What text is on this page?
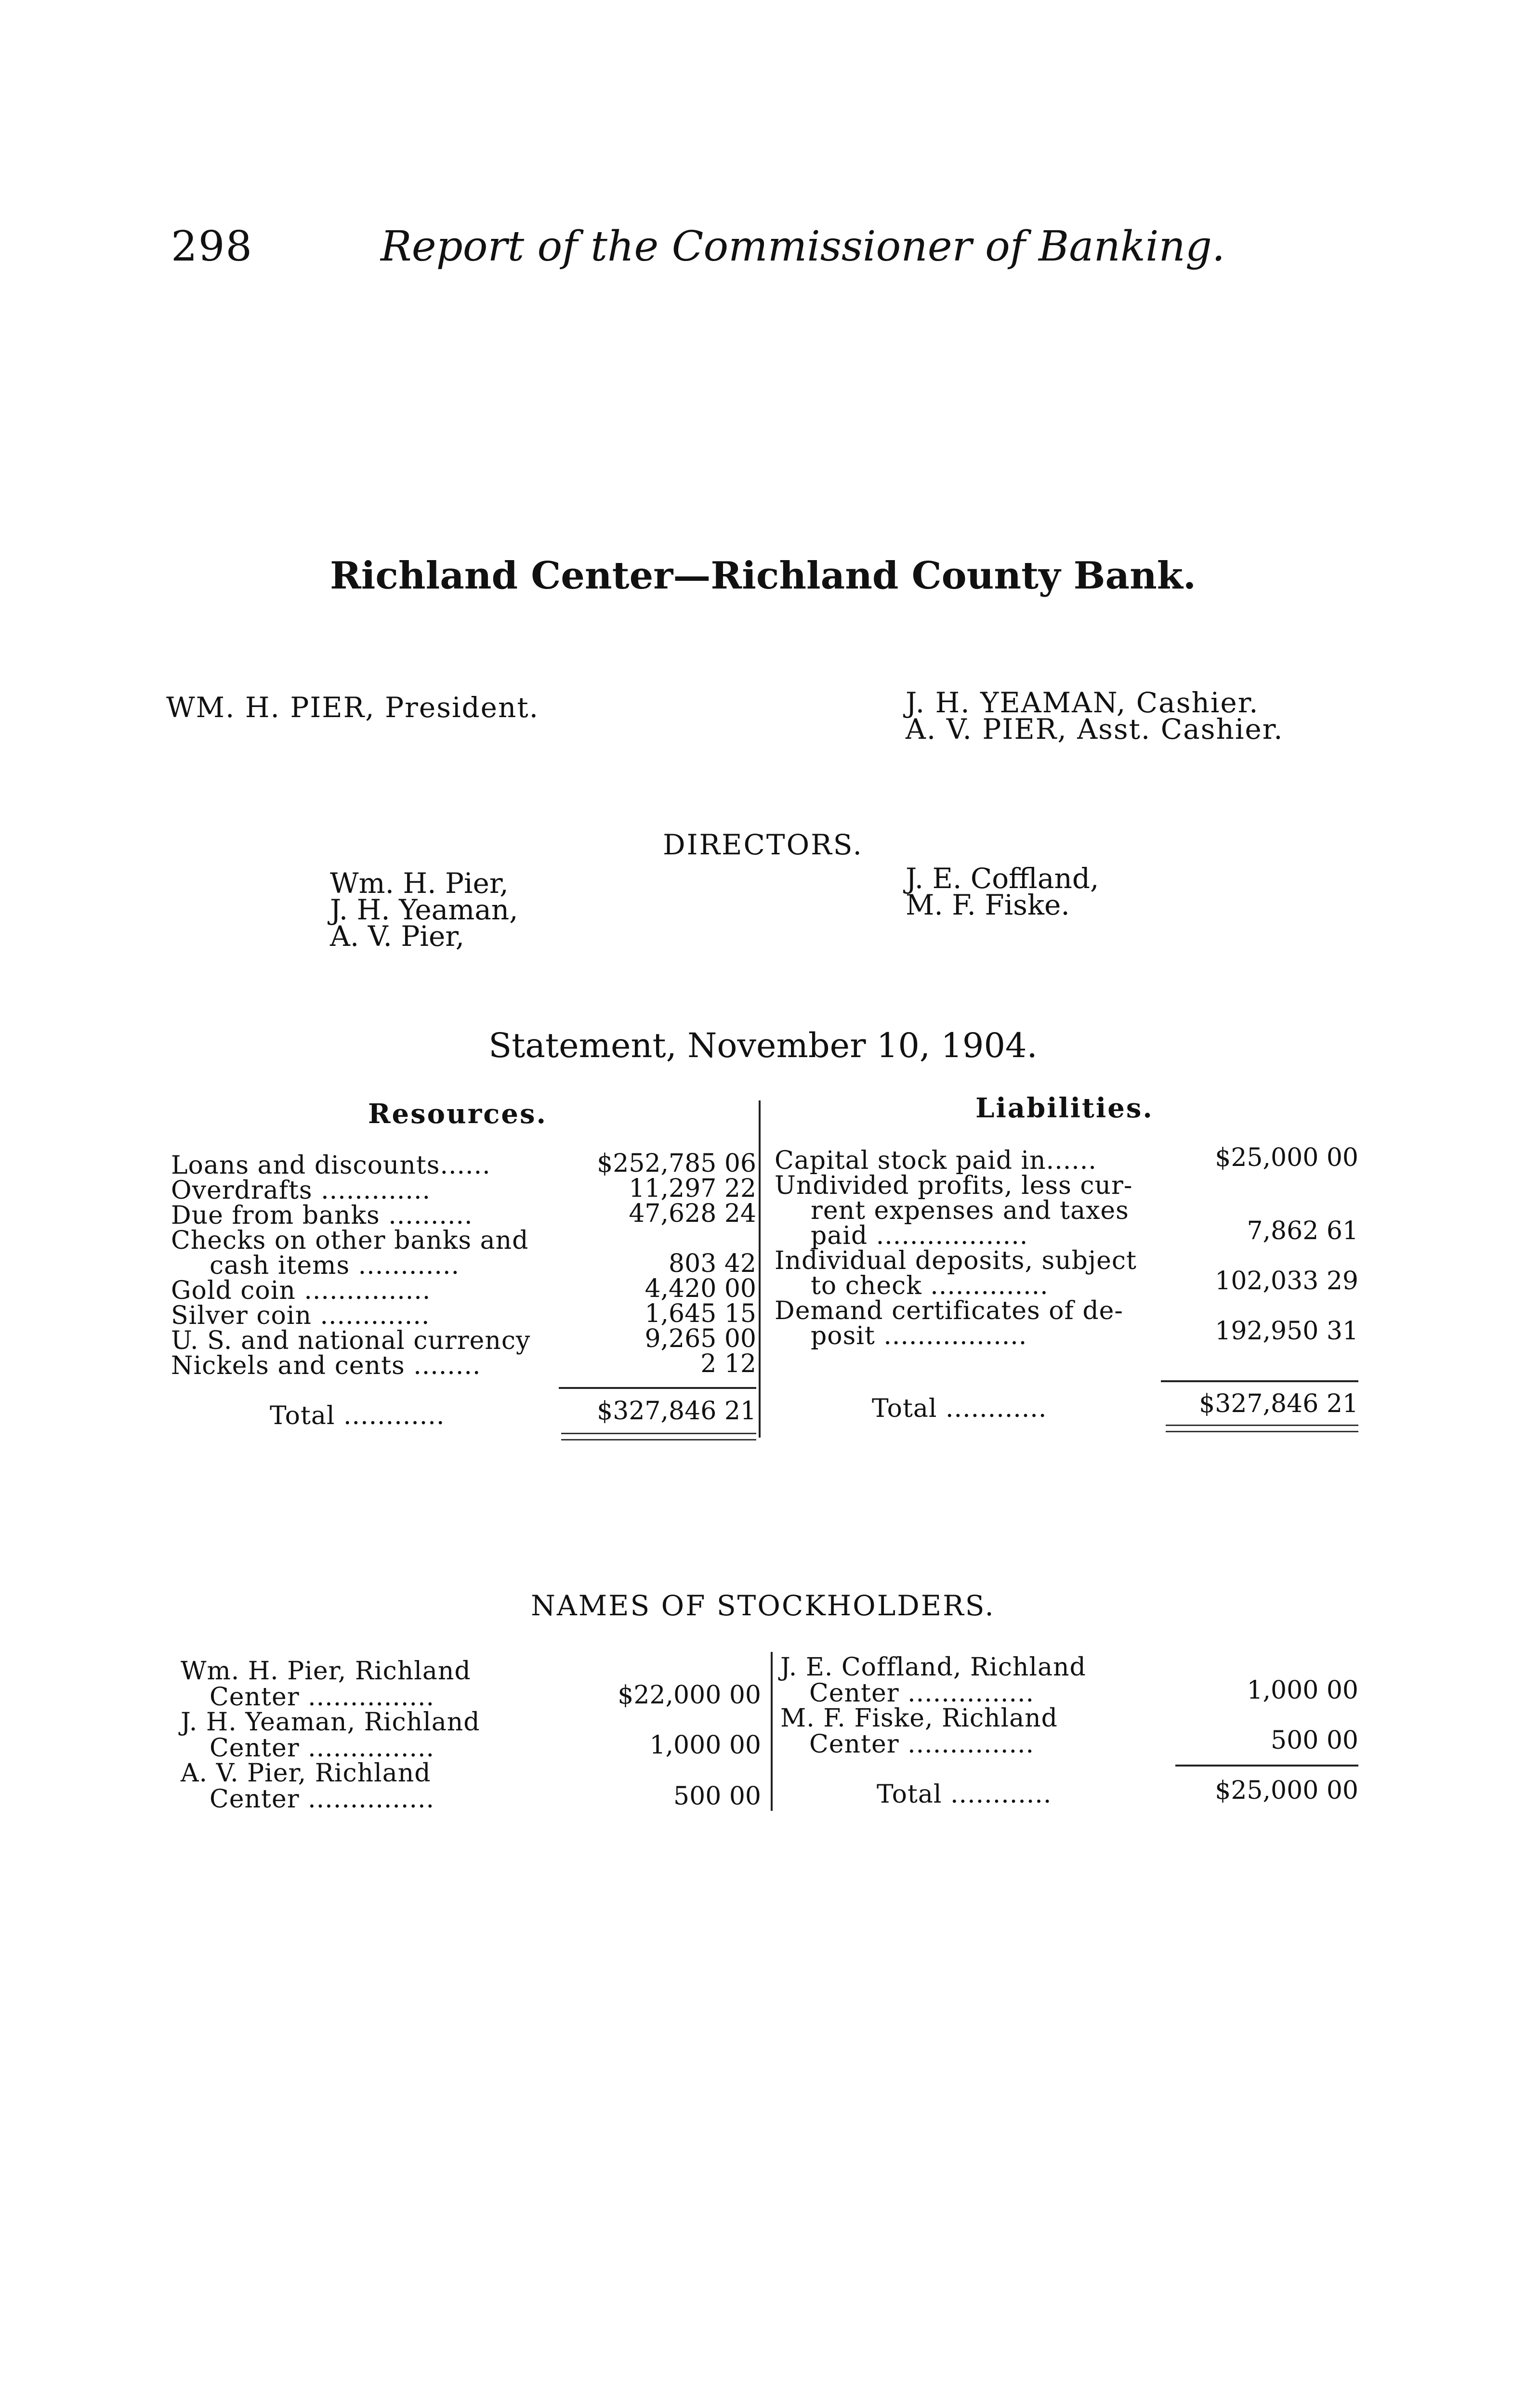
298	Report of the Commissioner of Banking.
Richland Center—Richland County Bank.
WM. H. PIER, President.	J. H. YEAMAN, Cashier.
A. V. PIER, Asst. Cashier.
DIRECTORS.
Wm. H. Pier,
J. H. Yeaman,
A. V. Pier,
J. E. Coffland,
M. F. Fiske.
Statement, November 10, 1904.
Resources.	Liabilities.
Loans and discounts......	$252,785 06
Overdrafts .............	11,297 22
Due from banks ..........	47,628 24
Checks on other banks and
cash items ............	803 42
Gold coin ...............	4,420 00
Silver coin .............	1,645 15
U. S. and national currency	9,265 00
Nickels and cents ........	2 12
Total ............	$327,846 21
Capital stock paid in......	$25,000 00
Undivided profits, less cur-
rent expenses and taxes
paid ..................	7,862 61
Individual deposits, subject
to check ..............	102,033 29
Demand certificates of de-
posit .................	192,950 31
Total ............	$327,846 21
NAMES OF STOCKHOLDERS.
Wm. H. Pier, Richland
Center ...............	$22,000 00
J. H. Yeaman, Richland
Center ...............	1,000 00
A. V. Pier, Richland
Center ...............	500 00
J. E. Coffland, Richland
Center ...............	1,000 00
M. F. Fiske, Richland
Center ...............	500 00
Total ............	$25,000 00
